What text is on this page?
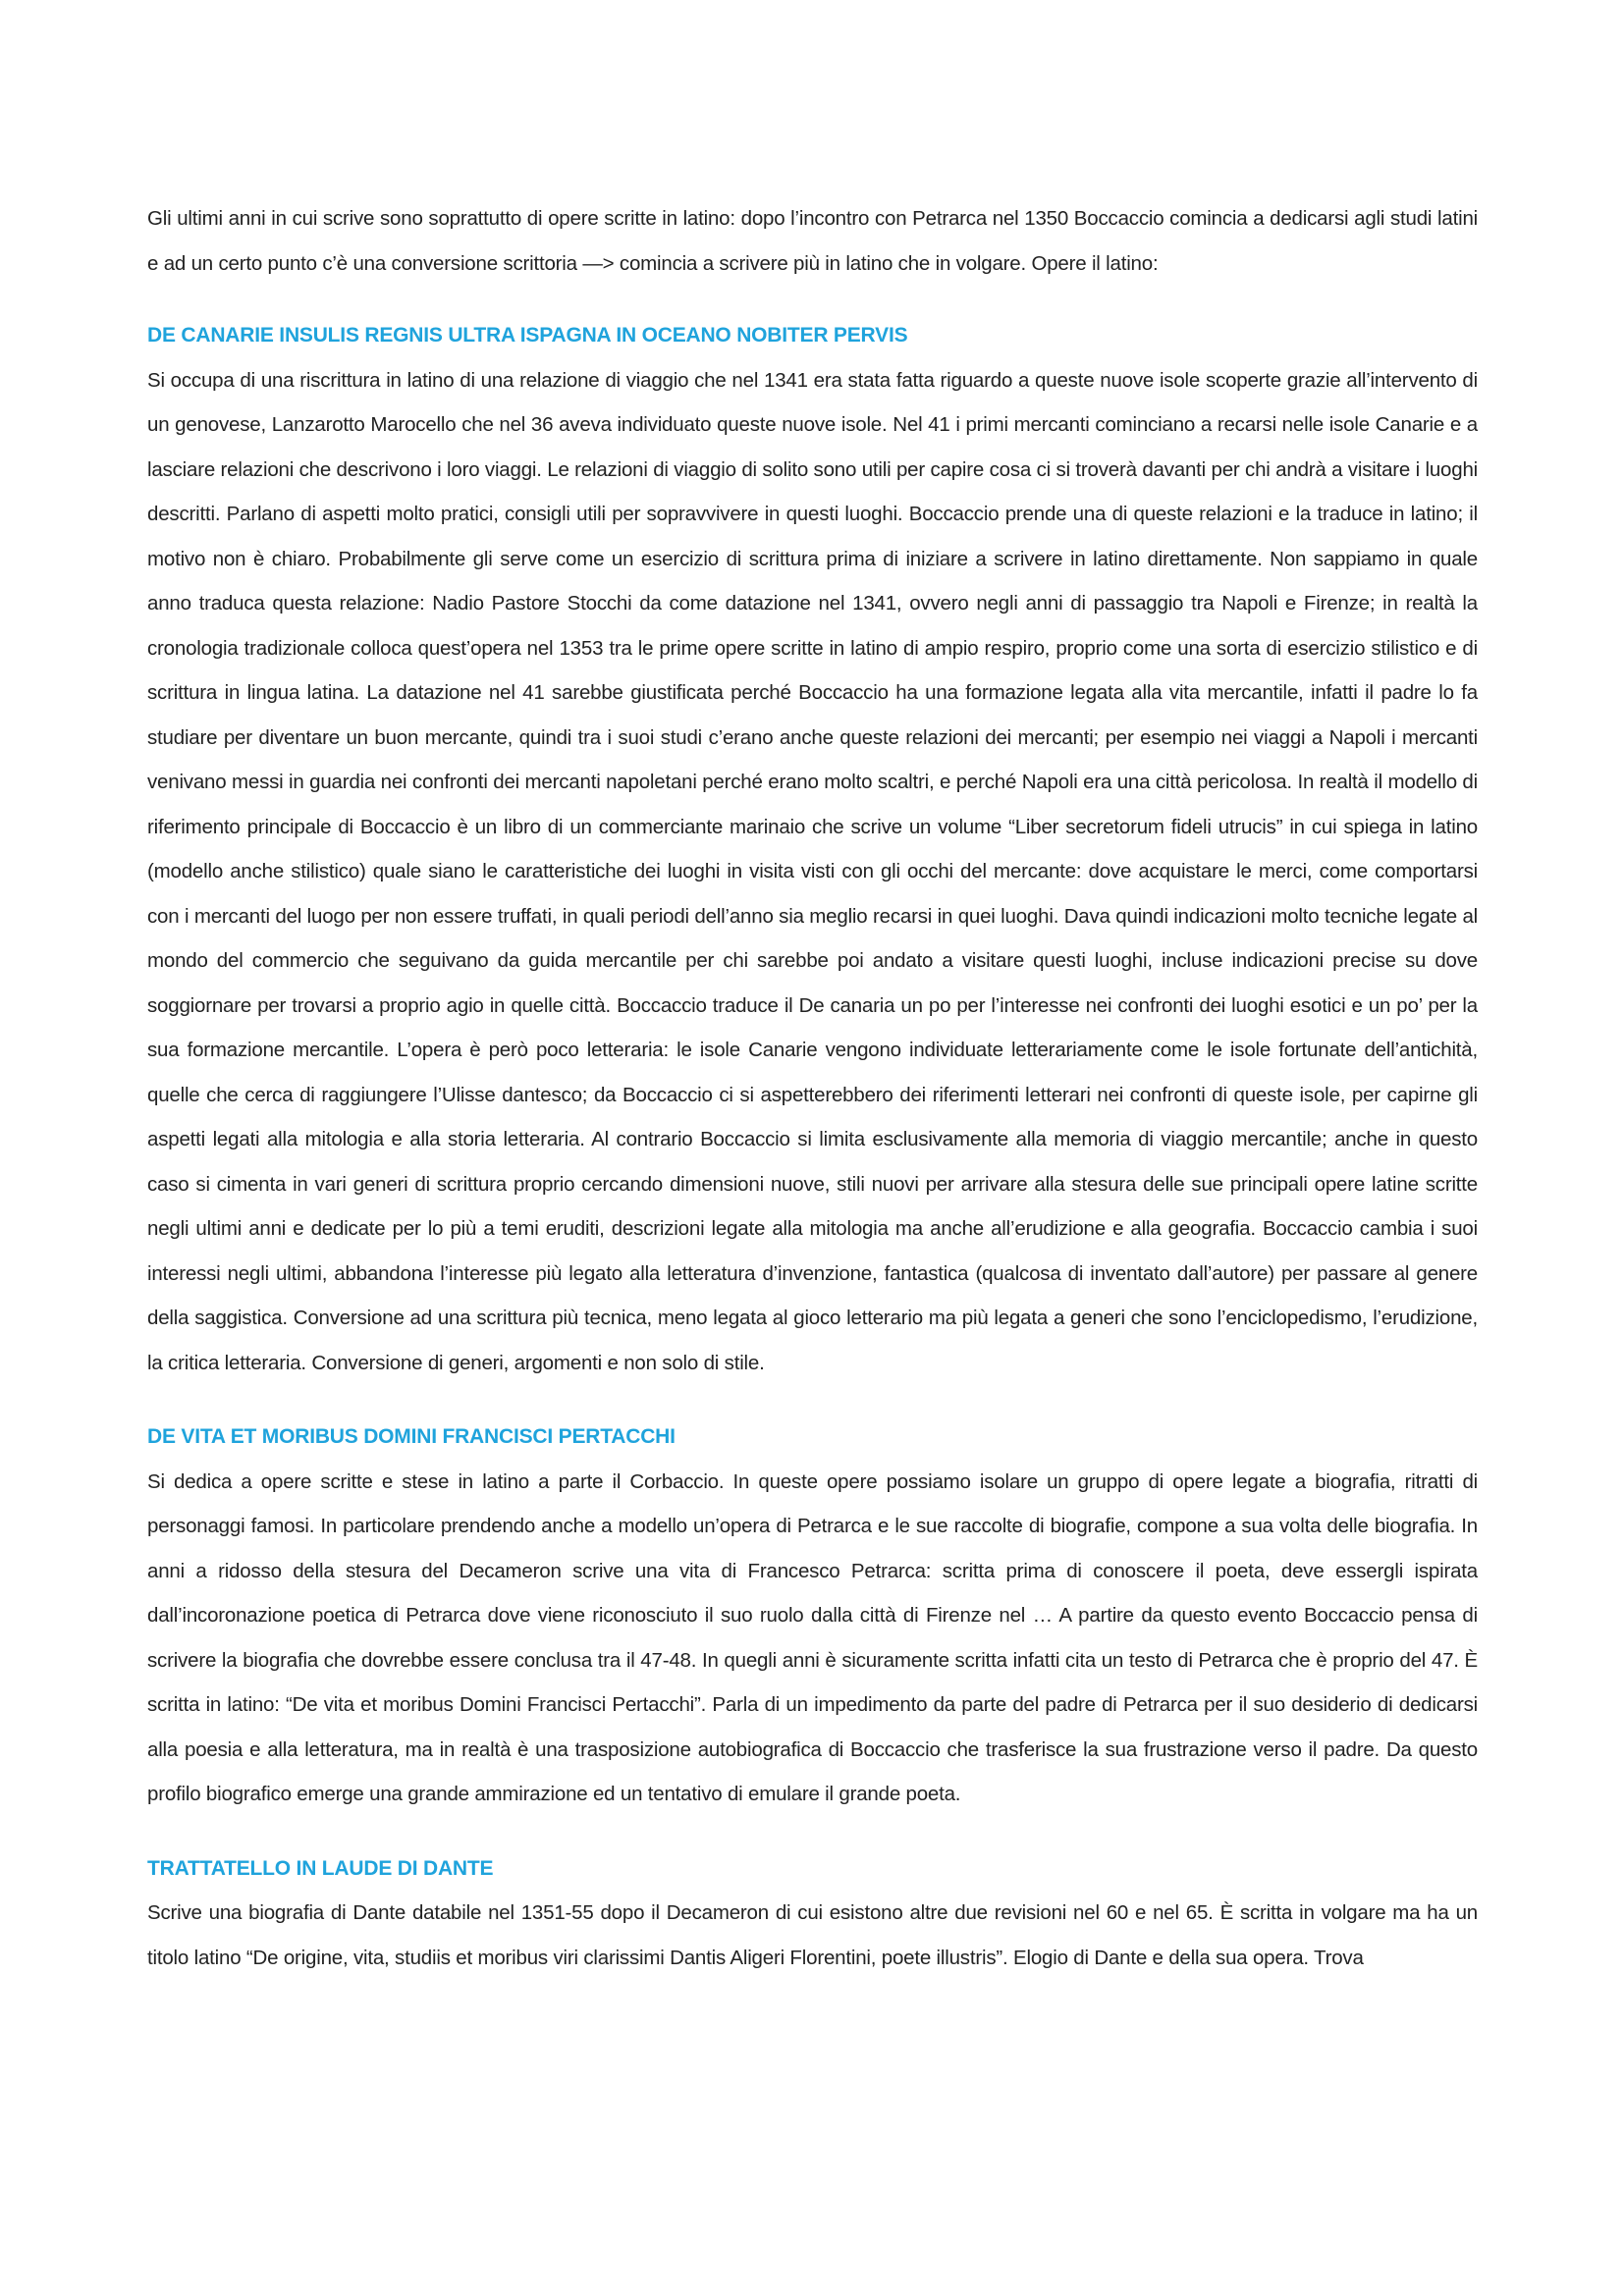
Gli ultimi anni in cui scrive sono soprattutto di opere scritte in latino: dopo l’incontro con Petrarca nel 1350 Boccaccio comincia a dedicarsi agli studi latini e ad un certo punto c’è una conversione scrittoria —> comincia a scrivere più in latino che in volgare. Opere il latino:

DE CANARIE INSULIS REGNIS ULTRA ISPAGNA IN OCEANO NOBITER PERVIS

Si occupa di una riscrittura in latino di una relazione di viaggio che nel 1341 era stata fatta riguardo a queste nuove isole scoperte grazie all’intervento di un genovese, Lanzarotto Marocello che nel 36 aveva individuato queste nuove isole. Nel 41 i primi mercanti cominciano a recarsi nelle isole Canarie e a lasciare relazioni che descrivono i loro viaggi. Le relazioni di viaggio di solito sono utili per capire cosa ci si troverà davanti per chi andrà a visitare i luoghi descritti. Parlano di aspetti molto pratici, consigli utili per sopravvivere in questi luoghi. Boccaccio prende una di queste relazioni e la traduce in latino; il motivo non è chiaro. Probabilmente gli serve come un esercizio di scrittura prima di iniziare a scrivere in latino direttamente. Non sappiamo in quale anno traduca questa relazione: Nadio Pastore Stocchi da come datazione nel 1341, ovvero negli anni di passaggio tra Napoli e Firenze; in realtà la cronologia tradizionale colloca quest’opera nel 1353 tra le prime opere scritte in latino di ampio respiro, proprio come una sorta di esercizio stilistico e di scrittura in lingua latina. La datazione nel 41 sarebbe giustificata perché Boccaccio ha una formazione legata alla vita mercantile, infatti il padre lo fa studiare per diventare un buon mercante, quindi tra i suoi studi c’erano anche queste relazioni dei mercanti; per esempio nei viaggi a Napoli i mercanti venivano messi in guardia nei confronti dei mercanti napoletani perché erano molto scaltri, e perché Napoli era una città pericolosa. In realtà il modello di riferimento principale di Boccaccio è un libro di un commerciante marinaio che scrive un volume “Liber secretorum fideli utrucis” in cui spiega in latino (modello anche stilistico) quale siano le caratteristiche dei luoghi in visita visti con gli occhi del mercante: dove acquistare le merci, come comportarsi con i mercanti del luogo per non essere truffati, in quali periodi dell’anno sia meglio recarsi in quei luoghi. Dava quindi indicazioni molto tecniche legate al mondo del commercio che seguivano da guida mercantile per chi sarebbe poi andato a visitare questi luoghi, incluse indicazioni precise su dove soggiornare per trovarsi a proprio agio in quelle città. Boccaccio traduce il De canaria un po per l’interesse nei confronti dei luoghi esotici e un po’ per la sua formazione mercantile. L’opera è però poco letteraria: le isole Canarie vengono individuate letterariamente come le isole fortunate dell’antichità, quelle che cerca di raggiungere l’Ulisse dantesco; da Boccaccio ci si aspetterebbero dei riferimenti letterari nei confronti di queste isole, per capirne gli aspetti legati alla mitologia e alla storia letteraria. Al contrario Boccaccio si limita esclusivamente alla memoria di viaggio mercantile; anche in questo caso si cimenta in vari generi di scrittura proprio cercando dimensioni nuove, stili nuovi per arrivare alla stesura delle sue principali opere latine scritte negli ultimi anni e dedicate per lo più a temi eruditi, descrizioni legate alla mitologia ma anche all’erudizione e alla geografia. Boccaccio cambia i suoi interessi negli ultimi, abbandona l’interesse più legato alla letteratura d’invenzione, fantastica (qualcosa di inventato dall’autore) per passare al genere della saggistica. Conversione ad una scrittura più tecnica, meno legata al gioco letterario ma più legata a generi che sono l’enciclopedismo, l’erudizione, la critica letteraria. Conversione di generi, argomenti e non solo di stile.

DE VITA ET MORIBUS DOMINI FRANCISCI PERTACCHI

Si dedica a opere scritte e stese in latino a parte il Corbaccio. In queste opere possiamo isolare un gruppo di opere legate a biografia, ritratti di personaggi famosi. In particolare prendendo anche a modello un’opera di Petrarca e le sue raccolte di biografie, compone a sua volta delle biografia. In anni a ridosso della stesura del Decameron scrive una vita di Francesco Petrarca: scritta prima di conoscere il poeta, deve essergli ispirata dall’incoronazione poetica di Petrarca dove viene riconosciuto il suo ruolo dalla città di Firenze nel … A partire da questo evento Boccaccio pensa di scrivere la biografia che dovrebbe essere conclusa tra il 47-48. In quegli anni è sicuramente scritta infatti cita un testo di Petrarca che è proprio del 47. È scritta in latino: “De vita et moribus Domini Francisci Pertacchi”. Parla di un impedimento da parte del padre di Petrarca per il suo desiderio di dedicarsi alla poesia e alla letteratura, ma in realtà è una trasposizione autobiografica di Boccaccio che trasferisce la sua frustrazione verso il padre. Da questo profilo biografico emerge una grande ammirazione ed un tentativo di emulare il grande poeta.

TRATTATELLO IN LAUDE DI DANTE

Scrive una biografia di Dante databile nel 1351-55 dopo il Decameron di cui esistono altre due revisioni nel 60 e nel 65. È scritta in volgare ma ha un titolo latino “De origine, vita, studiis et moribus viri clarissimi Dantis Aligeri Florentini, poete illustris”. Elogio di Dante e della sua opera. Trova
